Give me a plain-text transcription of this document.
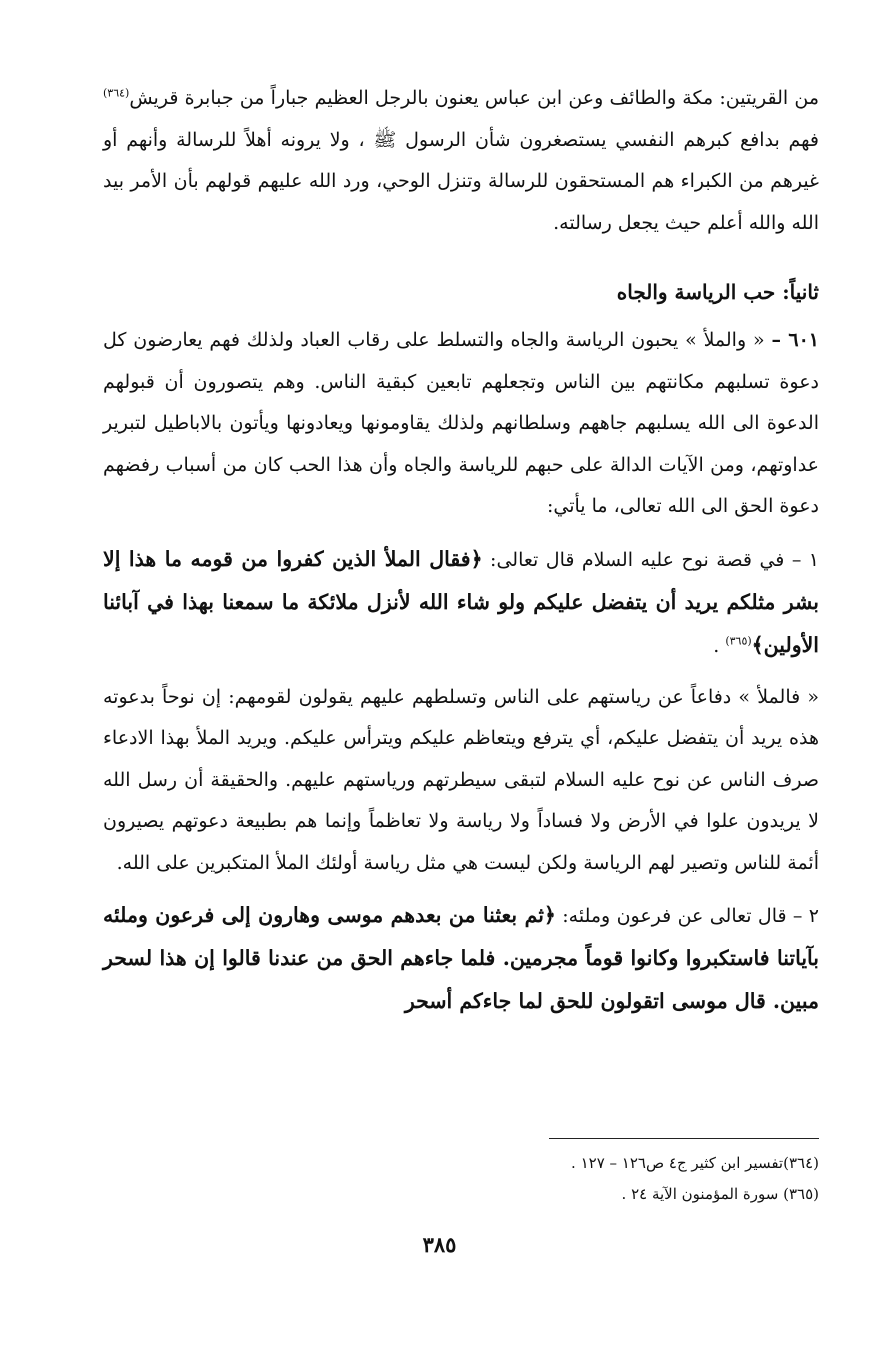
من القريتين: مكة والطائف وعن ابن عباس يعنون بالرجل العظيم جباراً من جبابرة قريش$^{(٣٦٤)}$ فهم بدافع كبرهم النفسي يستصغرون شأن الرسول ﷺ ، ولا يرونه أهلاً للرسالة وأنهم أو غيرهم من الكبراء هم المستحقون للرسالة وتنزل الوحي، ورد الله عليهم قولهم بأن الأمر بيد الله والله أعلم حيث يجعل رسالته.

ثانياً: حب الرياسة والجاه

٦٠١ – « والملأ » يحبون الرياسة والجاه والتسلط على رقاب العباد ولذلك فهم يعارضون كل دعوة تسلبهم مكانتهم بين الناس وتجعلهم تابعين كبقية الناس. وهم يتصورون أن قبولهم الدعوة الى الله يسلبهم جاههم وسلطانهم ولذلك يقاومونها ويعادونها ويأتون بالاباطيل لتبرير عداوتهم، ومن الآيات الدالة على حبهم للرياسة والجاه وأن هذا الحب كان من أسباب رفضهم دعوة الحق الى الله تعالى، ما يأتي:

١ – في قصة نوح عليه السلام قال تعالى: ﴿فقال الملأ الذين كفروا من قومه ما هذا إلا بشر مثلكم يريد أن يتفضل عليكم ولو شاء الله لأنزل ملائكة ما سمعنا بهذا في آبائنا الأولين﴾$^{(٣٦٥)}$ .

« فالملأ » دفاعاً عن رياستهم على الناس وتسلطهم عليهم يقولون لقومهم: إن نوحاً بدعوته هذه يريد أن يتفضل عليكم، أي يترفع ويتعاظم عليكم ويترأس عليكم. ويريد الملأ بهذا الادعاء صرف الناس عن نوح عليه السلام لتبقى سيطرتهم ورياستهم عليهم. والحقيقة أن رسل الله لا يريدون علوا في الأرض ولا فساداً ولا رياسة ولا تعاظماً وإنما هم بطبيعة دعوتهم يصيرون أئمة للناس وتصير لهم الرياسة ولكن ليست هي مثل رياسة أولئك الملأ المتكبرين على الله.

٢ – قال تعالى عن فرعون وملئه: ﴿ثم بعثنا من بعدهم موسى وهارون إلى فرعون وملئه بآياتنا فاستكبروا وكانوا قوماً مجرمين. فلما جاءهم الحق من عندنا قالوا إن هذا لسحر مبين. قال موسى اتقولون للحق لما جاءكم أسحر

(٣٦٤)تفسير ابن كثير ج٤ ص١٢٦ – ١٢٧ .
(٣٦٥) سورة المؤمنون الآية ٢٤ .
٣٨٥
